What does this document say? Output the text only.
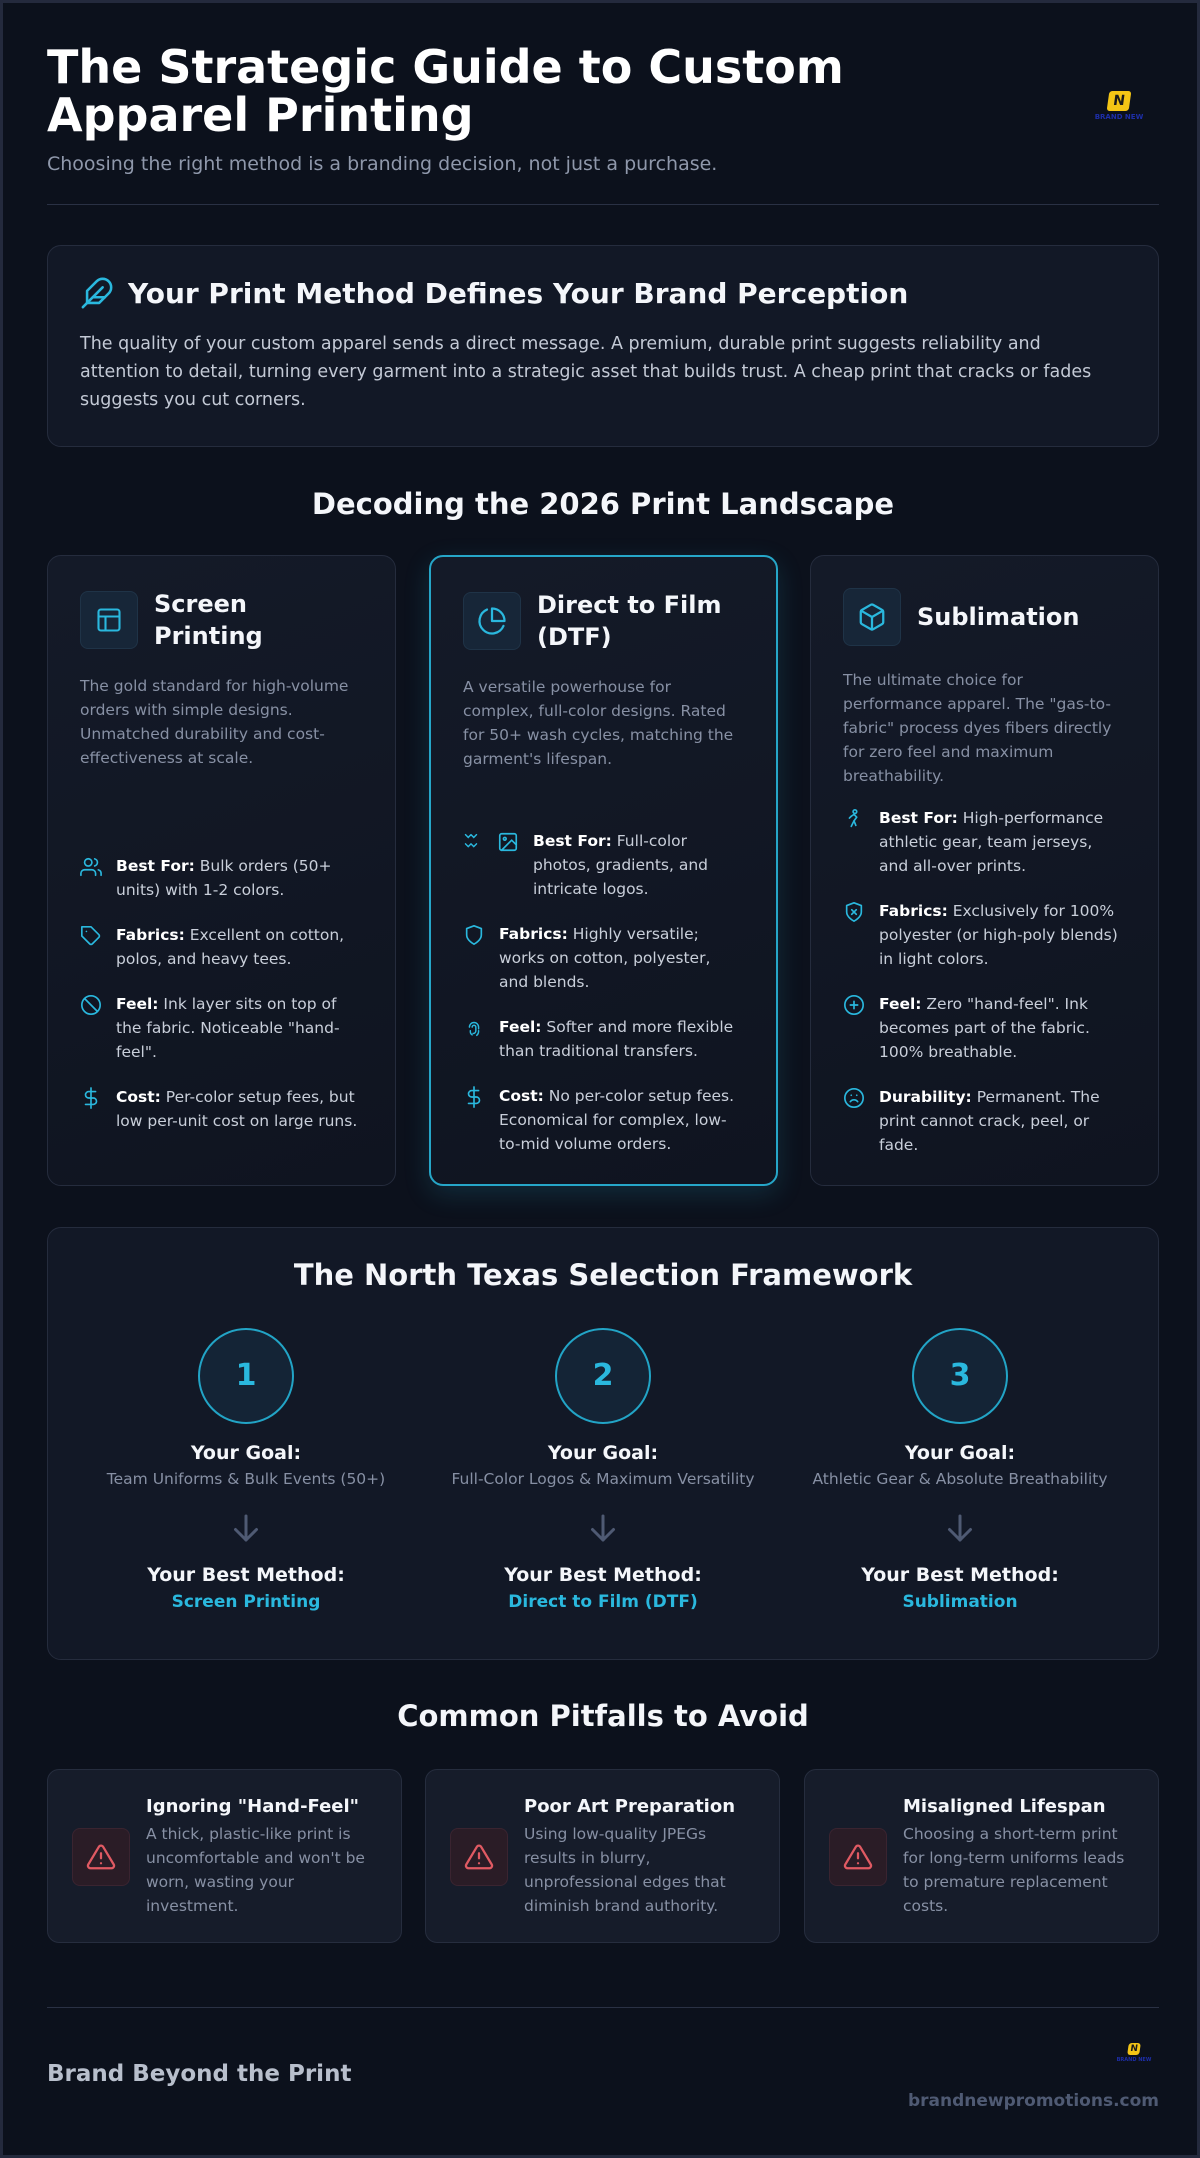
The Strategic Guide to Custom Apparel Printing
Choosing the right method is a branding decision, not just a purchase.
N
BRAND NEW
Your Print Method Defines Your Brand Perception
The quality of your custom apparel sends a direct message. A premium, durable print suggests reliability and attention to detail, turning every garment into a strategic asset that builds trust. A cheap print that cracks or fades suggests you cut corners.
Decoding the 2026 Print Landscape
Screen Printing
The gold standard for high-volume orders with simple designs. Unmatched durability and cost-effectiveness at scale.
Best For: Bulk orders (50+ units) with 1-2 colors.
Fabrics: Excellent on cotton, polos, and heavy tees.
Feel: Ink layer sits on top of the fabric. Noticeable "hand-feel".
Cost: Per-color setup fees, but low per-unit cost on large runs.
Direct to Film (DTF)
A versatile powerhouse for complex, full-color designs. Rated for 50+ wash cycles, matching the garment's lifespan.
Best For: Full-color photos, gradients, and intricate logos.
Fabrics: Highly versatile; works on cotton, polyester, and blends.
Feel: Softer and more flexible than traditional transfers.
Cost: No per-color setup fees. Economical for complex, low-to-mid volume orders.
Sublimation
The ultimate choice for performance apparel. The "gas-to-fabric" process dyes fibers directly for zero feel and maximum breathability.
Best For: High-performance athletic gear, team jerseys, and all-over prints.
Fabrics: Exclusively for 100% polyester (or high-poly blends) in light colors.
Feel: Zero "hand-feel". Ink becomes part of the fabric. 100% breathable.
Durability: Permanent. The print cannot crack, peel, or fade.
The North Texas Selection Framework
1
Your Goal:
Team Uniforms & Bulk Events (50+)
Your Best Method:
Screen Printing
2
Your Goal:
Full-Color Logos & Maximum Versatility
Your Best Method:
Direct to Film (DTF)
3
Your Goal:
Athletic Gear & Absolute Breathability
Your Best Method:
Sublimation
Common Pitfalls to Avoid
Ignoring "Hand-Feel"
A thick, plastic-like print is uncomfortable and won't be worn, wasting your investment.
Poor Art Preparation
Using low-quality JPEGs results in blurry, unprofessional edges that diminish brand authority.
Misaligned Lifespan
Choosing a short-term print for long-term uniforms leads to premature replacement costs.
Brand Beyond the Print
N
BRAND NEW
brandnewpromotions.com
